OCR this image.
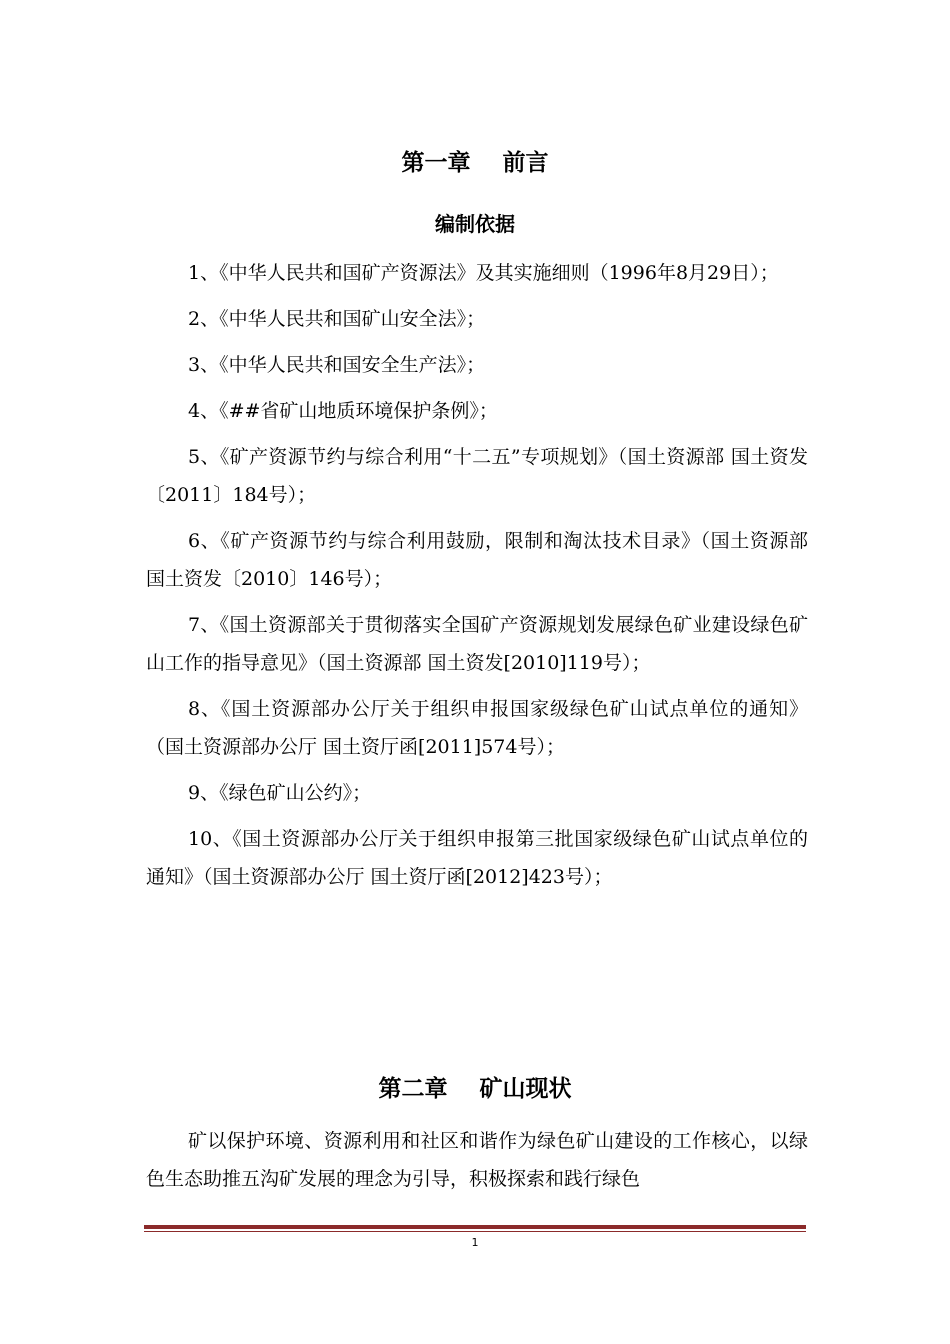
第一章    前言
编制依据

1、《中华人民共和国矿产资源法》及其实施细则（1996年8月29日）；

2、《中华人民共和国矿山安全法》；

3、《中华人民共和国安全生产法》；

4、《##省矿山地质环境保护条例》；

5、《矿产资源节约与综合利用“十二五”专项规划》（国土资源部 国土资发〔2011〕184号）；

6、《矿产资源节约与综合利用鼓励，限制和淘汰技术目录》（国土资源部 国土资发〔2010〕146号）；

7、《国土资源部关于贯彻落实全国矿产资源规划发展绿色矿业建设绿色矿山工作的指导意见》（国土资源部 国土资发[2010]119号）；

8、《国土资源部办公厅关于组织申报国家级绿色矿山试点单位的通知》（国土资源部办公厅 国土资厅函[2011]574号）；

9、《绿色矿山公约》；

10、《国土资源部办公厅关于组织申报第三批国家级绿色矿山试点单位的通知》（国土资源部办公厅 国土资厅函[2012]423号）；

第二章    矿山现状

矿以保护环境、资源利用和社区和谐作为绿色矿山建设的工作核心，以绿色生态助推五沟矿发展的理念为引导，积极探索和践行绿色

1
